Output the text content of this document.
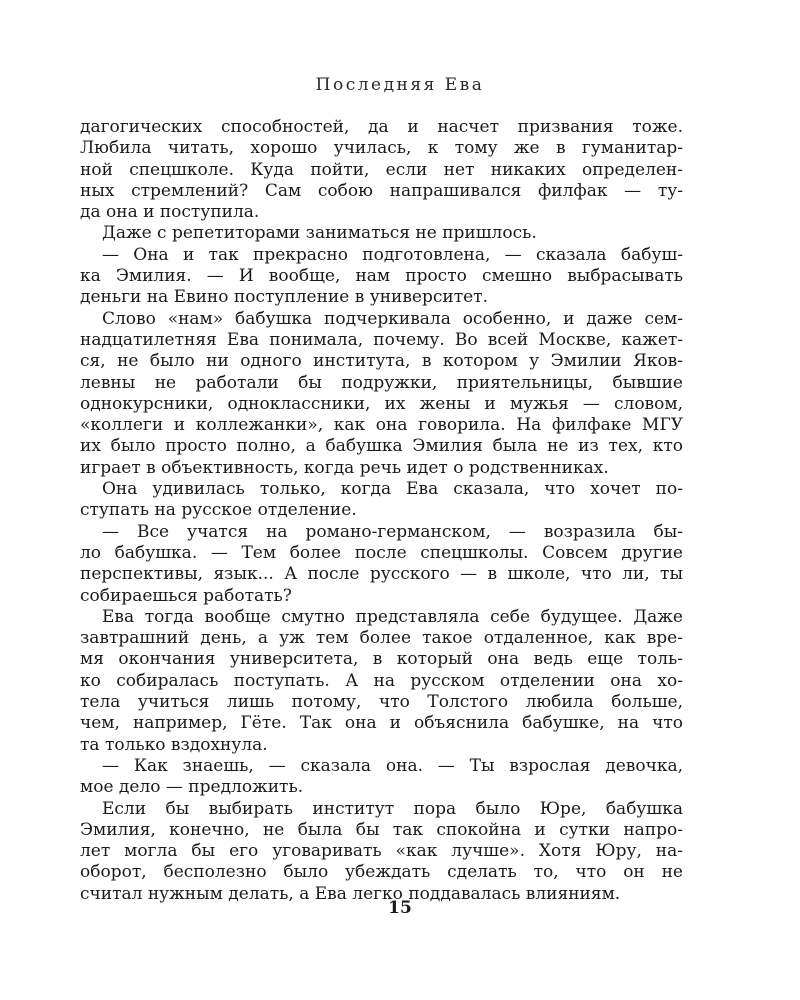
Последняя Ева
дагогических способностей, да и насчет призвания тоже.
Любила читать, хорошо училась, к тому же в гуманитар-
ной спецшколе. Куда пойти, если нет никаких определен-
ных стремлений? Сам собою напрашивался филфак — ту-
да она и поступила.
Даже с репетиторами заниматься не пришлось.
— Она и так прекрасно подготовлена, — сказала бабуш-
ка Эмилия. — И вообще, нам просто смешно выбрасывать
деньги на Евино поступление в университет.
Слово «нам» бабушка подчеркивала особенно, и даже сем-
надцатилетняя Ева понимала, почему. Во всей Москве, кажет-
ся, не было ни одного института, в котором у Эмилии Яков-
левны не работали бы подружки, приятельницы, бывшие
однокурсники, одноклассники, их жены и мужья — словом,
«коллеги и коллежанки», как она говорила. На филфаке МГУ
их было просто полно, а бабушка Эмилия была не из тех, кто
играет в объективность, когда речь идет о родственниках.
Она удивилась только, когда Ева сказала, что хочет по-
ступать на русское отделение.
— Все учатся на романо-германском, — возразила бы-
ло бабушка. — Тем более после спецшколы. Совсем другие
перспективы, язык... А после русского — в школе, что ли, ты
собираешься работать?
Ева тогда вообще смутно представляла себе будущее. Даже
завтрашний день, а уж тем более такое отдаленное, как вре-
мя окончания университета, в который она ведь еще толь-
ко собиралась поступать. А на русском отделении она хо-
тела учиться лишь потому, что Толстого любила больше,
чем, например, Гёте. Так она и объяснила бабушке, на что
та только вздохнула.
— Как знаешь, — сказала она. — Ты взрослая девочка,
мое дело — предложить.
Если бы выбирать институт пора было Юре, бабушка
Эмилия, конечно, не была бы так спокойна и сутки напро-
лет могла бы его уговаривать «как лучше». Хотя Юру, на-
оборот, бесполезно было убеждать сделать то, что он не
считал нужным делать, а Ева легко поддавалась влияниям.
15
